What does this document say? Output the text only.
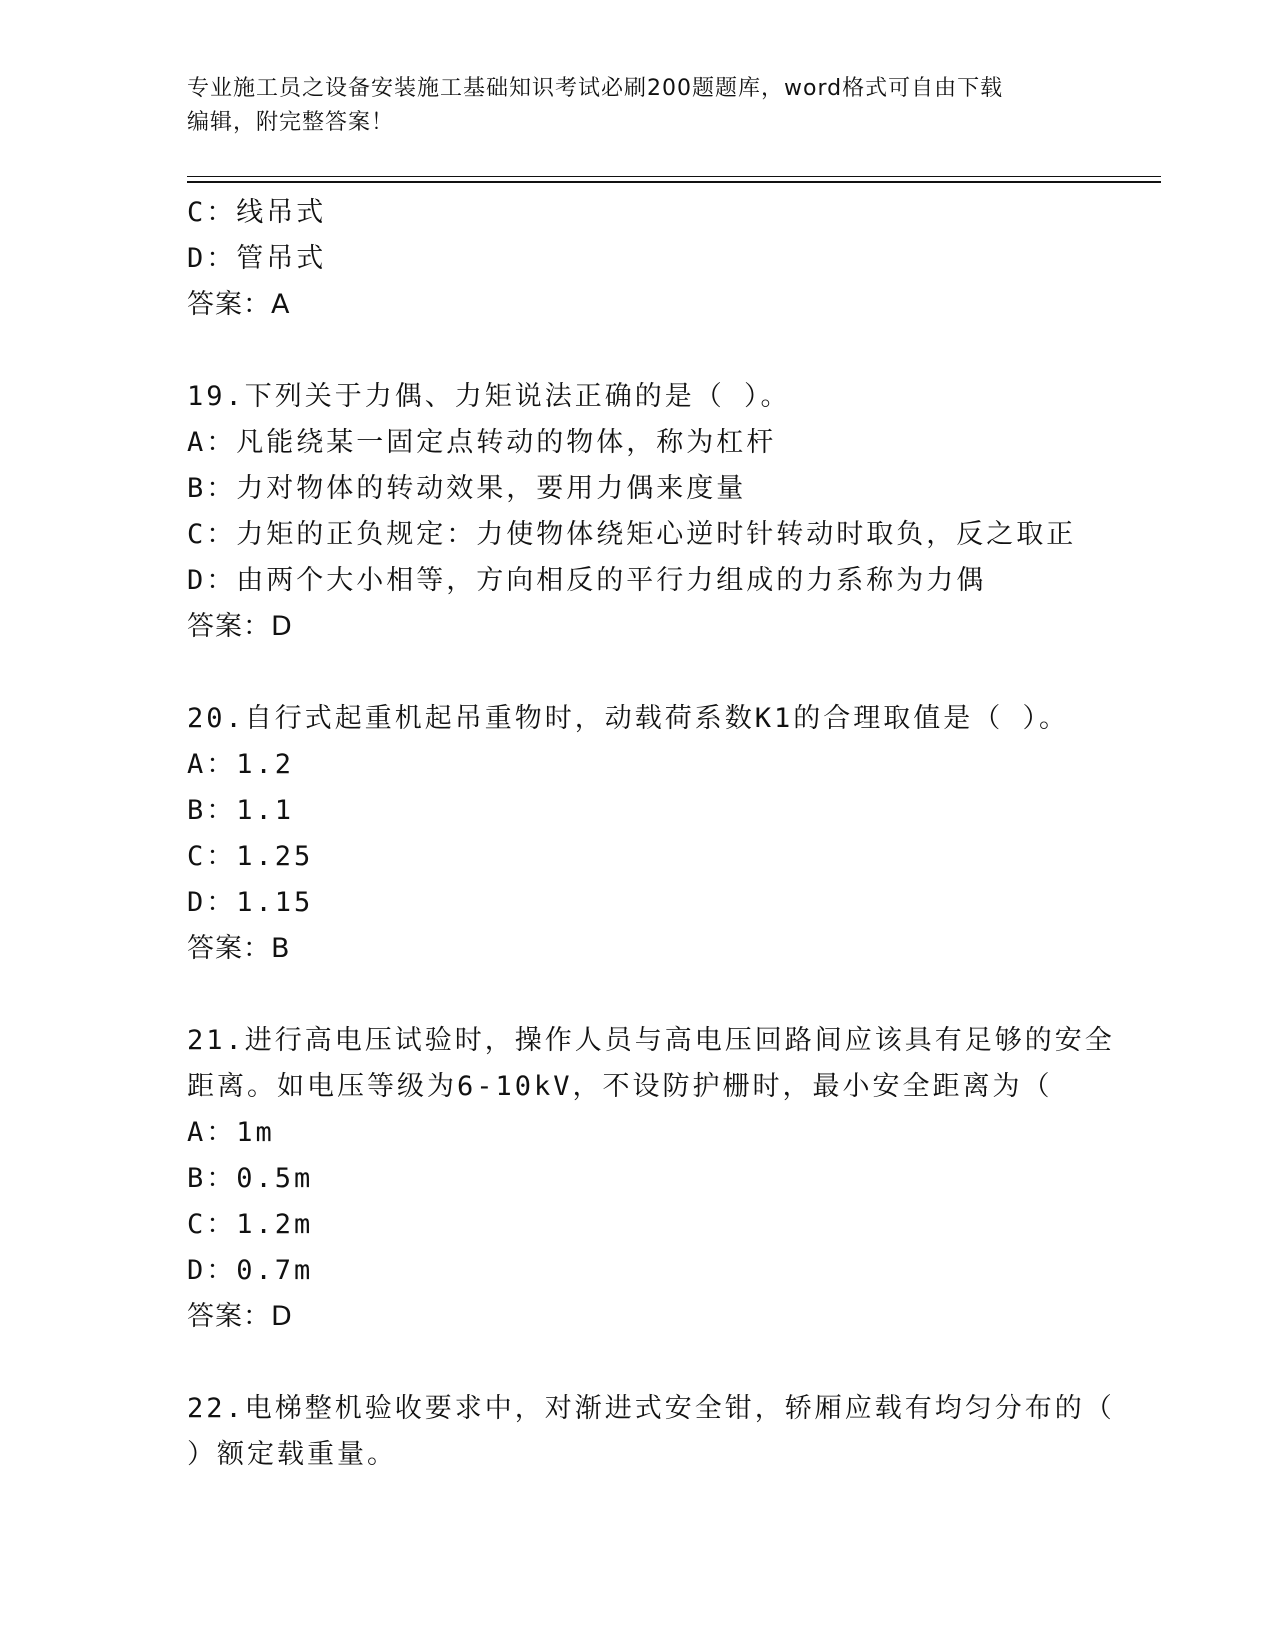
专业施工员之设备安装施工基础知识考试必刷200题题库，word格式可自由下载
编辑，附完整答案！
C：线吊式
D：管吊式
答案：A
19.下列关于力偶、力矩说法正确的是（ ）。
A：凡能绕某一固定点转动的物体，称为杠杆
B：力对物体的转动效果，要用力偶来度量
C：力矩的正负规定：力使物体绕矩心逆时针转动时取负，反之取正
D：由两个大小相等，方向相反的平行力组成的力系称为力偶
答案：D
20.自行式起重机起吊重物时，动载荷系数K1的合理取值是（ ）。
A：1.2
B：1.1
C：1.25
D：1.15
答案：B
21.进行高电压试验时，操作人员与高电压回路间应该具有足够的安全
距离。如电压等级为6-10kV，不设防护栅时，最小安全距离为（
A：1m
B：0.5m
C：1.2m
D：0.7m
答案：D
22.电梯整机验收要求中，对渐进式安全钳，轿厢应载有均匀分布的（
）额定载重量。
